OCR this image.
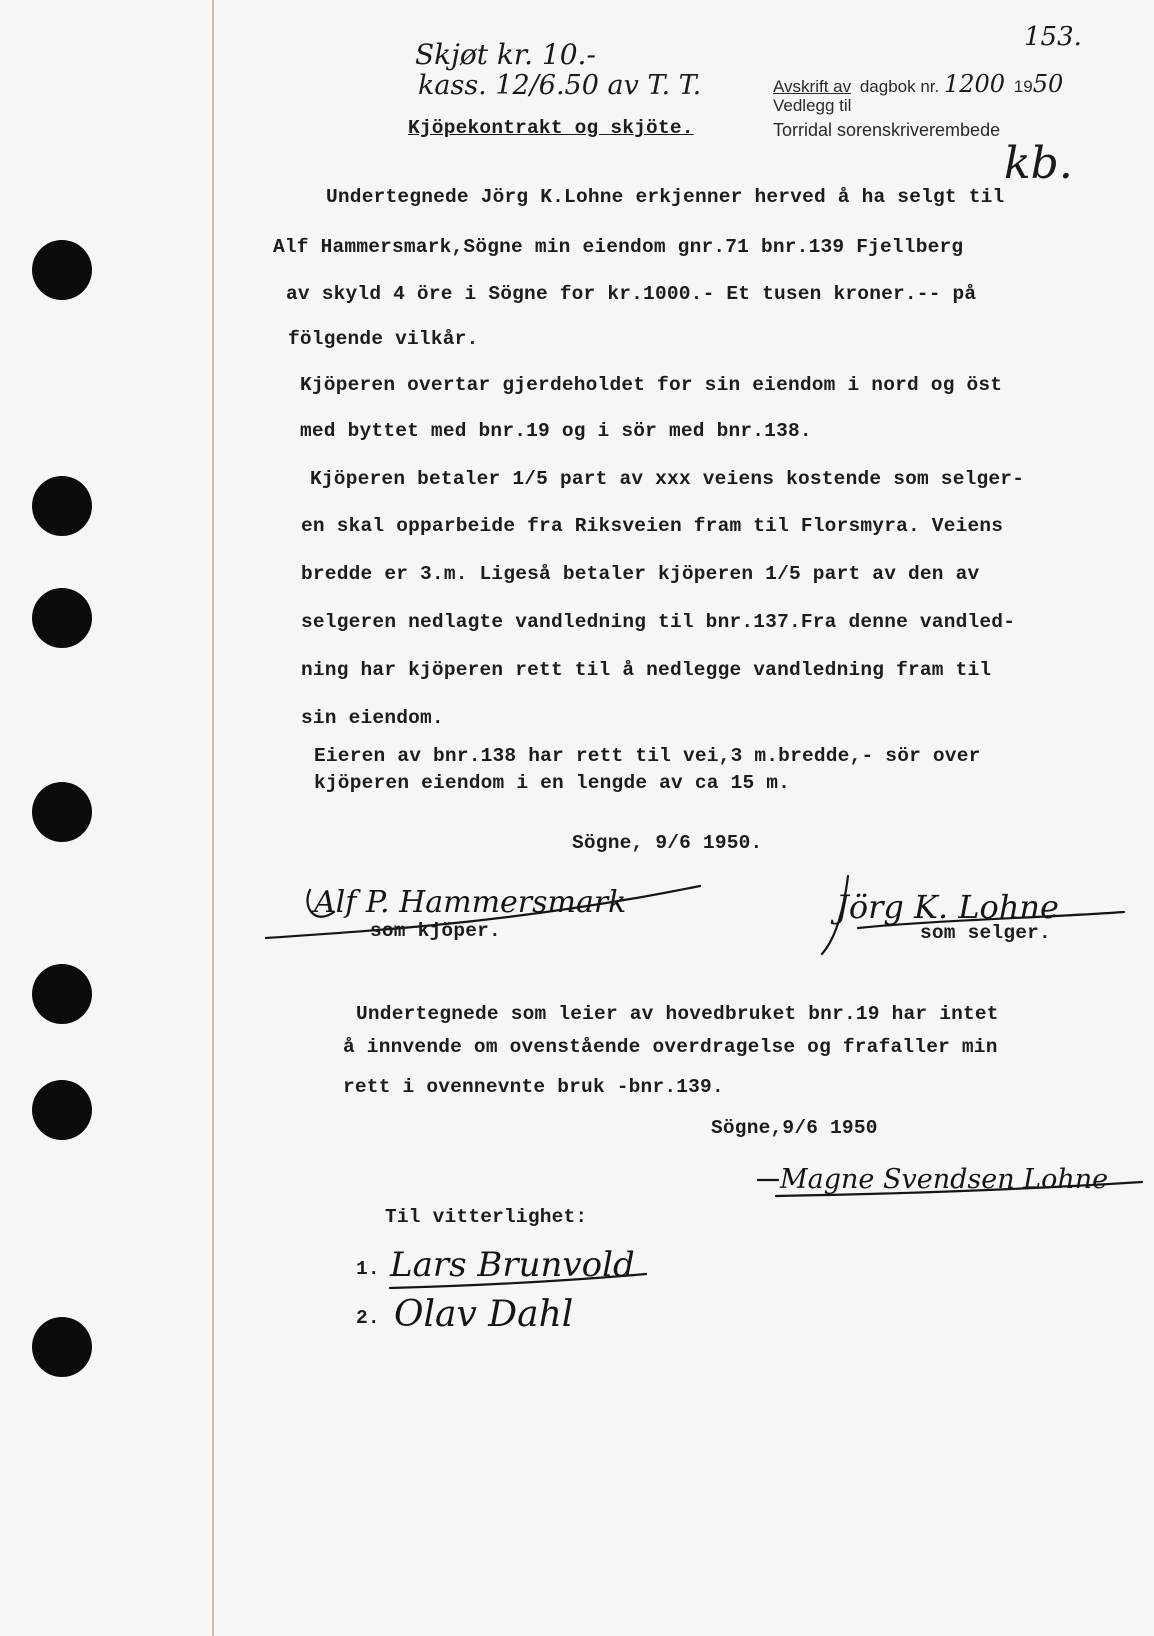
Skjøt kr. 10.-

kass. 12/6.50 av T. T.

153.

kb.

Avskrift av dagbok nr. 1200 1950

Vedlegg til

Torridal sorenskriverembede

Kjöpekontrakt og skjöte.

Undertegnede Jörg K.Lohne erkjenner herved å ha selgt til

Alf Hammersmark,Sögne min eiendom gnr.71 bnr.139 Fjellberg

av skyld 4 öre i Sögne for kr.1000.- Et tusen kroner.-- på

fölgende vilkår.

Kjöperen overtar gjerdeholdet for sin eiendom i nord og öst

med byttet med bnr.19 og i sör med bnr.138.

Kjöperen betaler 1/5 part av xxx veiens kostende som selger-

en skal opparbeide fra Riksveien fram til Florsmyra. Veiens

bredde er 3.m. Ligeså betaler kjöperen 1/5 part av den av

selgeren nedlagte vandledning til bnr.137.Fra denne vandled-

ning har kjöperen rett til å nedlegge vandledning fram til

sin eiendom.

Eieren av bnr.138 har rett til vei,3 m.bredde,- sör over

kjöperen eiendom i en lengde av ca 15 m.

Sögne, 9/6 1950.

Alf P. Hammersmark

som kjöper.

Jörg K. Lohne

som selger.

Undertegnede som leier av hovedbruket bnr.19 har intet

å innvende om ovenstående overdragelse og frafaller min

rett i ovennevnte bruk -bnr.139.

Sögne,9/6 1950

Magne Svendsen Lohne

Til vitterlighet:

1. Lars Brunvold

2. Olav Dahl
